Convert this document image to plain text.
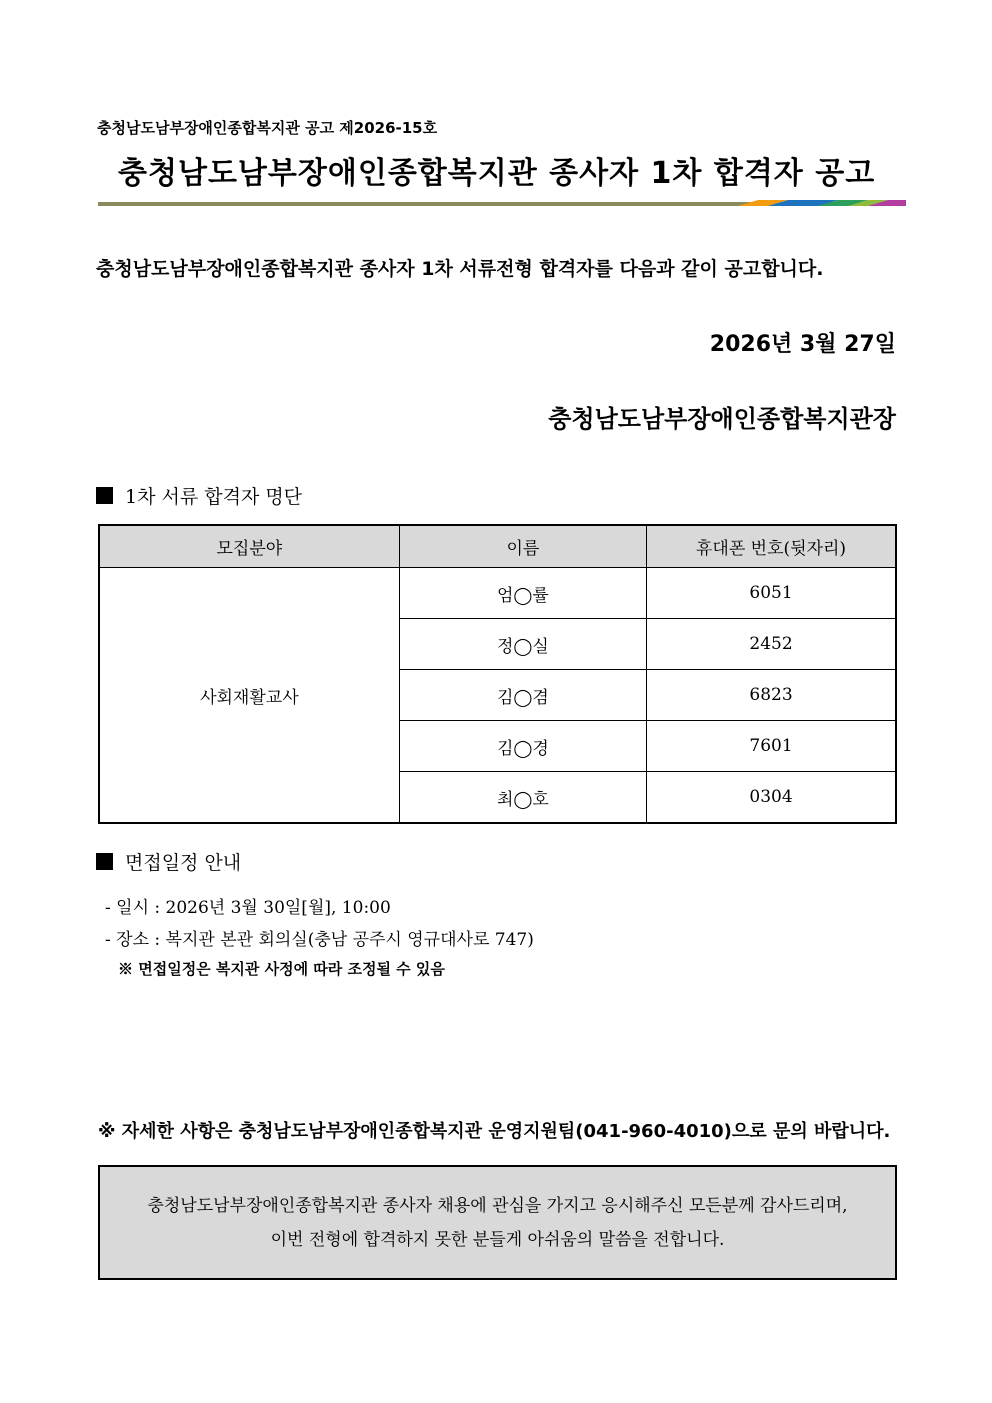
충청남도남부장애인종합복지관 공고 제2026-15호
충청남도남부장애인종합복지관 종사자 1차 합격자 공고
충청남도남부장애인종합복지관 종사자 1차 서류전형 합격자를 다음과 같이 공고합니다.
2026년 3월 27일
충청남도남부장애인종합복지관장
1차 서류 합격자 명단
모집분야	이름	휴대폰 번호(뒷자리)
사회재활교사	엄◯률	6051
	정◯실	2452
	김◯겸	6823
	김◯경	7601
	최◯호	0304
면접일정 안내
- 일시 : 2026년 3월 30일[월], 10:00
- 장소 : 복지관 본관 회의실(충남 공주시 영규대사로 747)
※ 면접일정은 복지관 사정에 따라 조정될 수 있음
※ 자세한 사항은 충청남도남부장애인종합복지관 운영지원팀(041-960-4010)으로 문의 바랍니다.
충청남도남부장애인종합복지관 종사자 채용에 관심을 가지고 응시해주신 모든분께 감사드리며,
이번 전형에 합격하지 못한 분들게 아쉬움의 말씀을 전합니다.
